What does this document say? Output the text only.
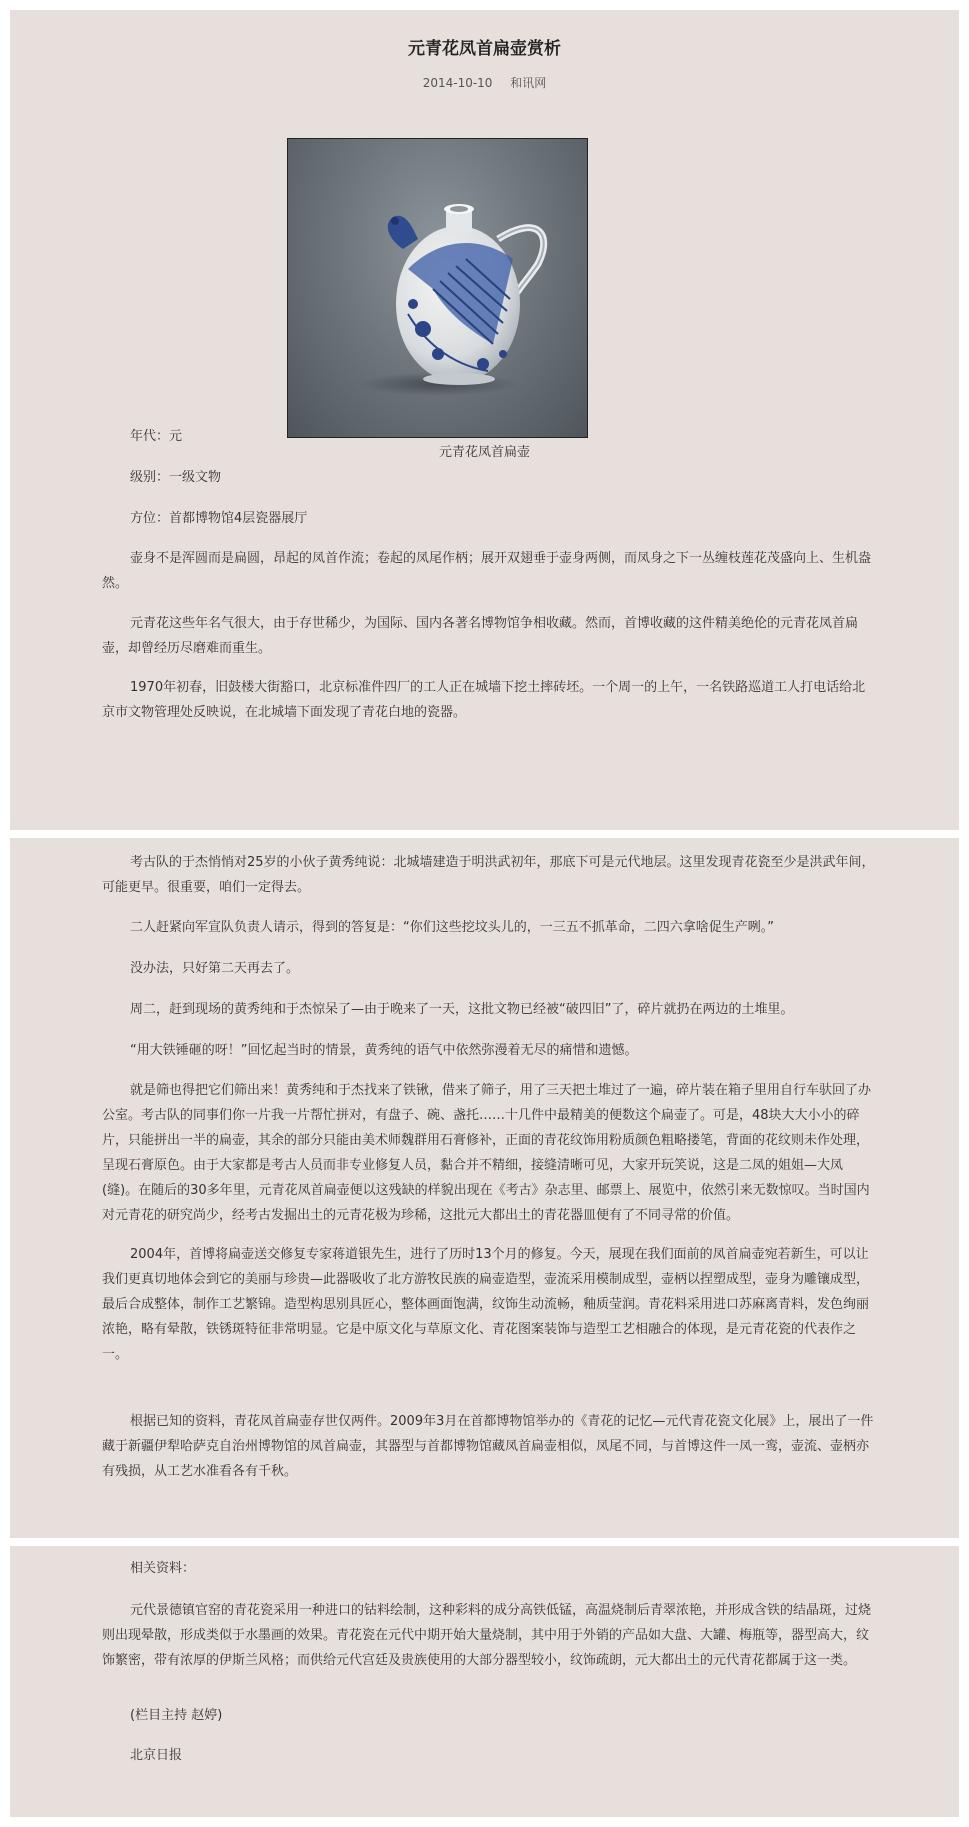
元青花凤首扁壶赏析
2014-10-10 和讯网
元青花凤首扁壶
年代：元
级别：一级文物
方位：首都博物馆4层瓷器展厅
壶身不是浑圆而是扁圆，昂起的凤首作流；卷起的凤尾作柄；展开双翅垂于壶身两侧，而凤身之下一丛缠枝莲花茂盛向上、生机盎然。
元青花这些年名气很大，由于存世稀少，为国际、国内各著名博物馆争相收藏。然而，首博收藏的这件精美绝伦的元青花凤首扁壶，却曾经历尽磨难而重生。
1970年初春，旧鼓楼大街豁口，北京标准件四厂的工人正在城墙下挖土摔砖坯。一个周一的上午，一名铁路巡道工人打电话给北京市文物管理处反映说，在北城墙下面发现了青花白地的瓷器。
考古队的于杰悄悄对25岁的小伙子黄秀纯说：北城墙建造于明洪武初年，那底下可是元代地层。这里发现青花瓷至少是洪武年间，可能更早。很重要，咱们一定得去。
二人赶紧向军宣队负责人请示，得到的答复是：“你们这些挖坟头儿的，一三五不抓革命，二四六拿啥促生产咧。”
没办法，只好第二天再去了。
周二，赶到现场的黄秀纯和于杰惊呆了—由于晚来了一天，这批文物已经被“破四旧”了，碎片就扔在两边的土堆里。
“用大铁锤砸的呀！”回忆起当时的情景，黄秀纯的语气中依然弥漫着无尽的痛惜和遗憾。
就是筛也得把它们筛出来！黄秀纯和于杰找来了铁锹，借来了筛子，用了三天把土堆过了一遍，碎片装在箱子里用自行车驮回了办公室。考古队的同事们你一片我一片帮忙拼对，有盘子、碗、盏托……十几件中最精美的便数这个扁壶了。可是，48块大大小小的碎片，只能拼出一半的扁壶，其余的部分只能由美术师魏群用石膏修补，正面的青花纹饰用粉质颜色粗略搂笔，背面的花纹则未作处理，呈现石膏原色。由于大家都是考古人员而非专业修复人员，黏合并不精细，接缝清晰可见，大家开玩笑说，这是二凤的姐姐—大凤(缝)。在随后的30多年里，元青花凤首扁壶便以这残缺的样貌出现在《考古》杂志里、邮票上、展览中，依然引来无数惊叹。当时国内对元青花的研究尚少，经考古发掘出土的元青花极为珍稀，这批元大都出土的青花器皿便有了不同寻常的价值。
2004年，首博将扁壶送交修复专家蒋道银先生，进行了历时13个月的修复。今天，展现在我们面前的凤首扁壶宛若新生，可以让我们更真切地体会到它的美丽与珍贵—此器吸收了北方游牧民族的扁壶造型，壶流采用模制成型，壶柄以捏塑成型，壶身为雕镶成型，最后合成整体，制作工艺繁锦。造型构思别具匠心，整体画面饱满，纹饰生动流畅，釉质莹润。青花料采用进口苏麻离青料，发色绚丽浓艳，略有晕散，铁锈斑特征非常明显。它是中原文化与草原文化、青花图案装饰与造型工艺相融合的体现，是元青花瓷的代表作之一。
根据已知的资料，青花凤首扁壶存世仅两件。2009年3月在首都博物馆举办的《青花的记忆—元代青花瓷文化展》上，展出了一件藏于新疆伊犁哈萨克自治州博物馆的凤首扁壶，其器型与首都博物馆藏凤首扁壶相似，凤尾不同，与首博这件一凤一鸾，壶流、壶柄亦有残损，从工艺水准看各有千秋。
相关资料：
元代景德镇官窑的青花瓷采用一种进口的钴料绘制，这种彩料的成分高铁低锰，高温烧制后青翠浓艳，并形成含铁的结晶斑，过烧则出现晕散，形成类似于水墨画的效果。青花瓷在元代中期开始大量烧制，其中用于外销的产品如大盘、大罐、梅瓶等，器型高大，纹饰繁密，带有浓厚的伊斯兰风格；而供给元代宫廷及贵族使用的大部分器型较小，纹饰疏朗，元大都出土的元代青花都属于这一类。
(栏目主持 赵婷)
北京日报
